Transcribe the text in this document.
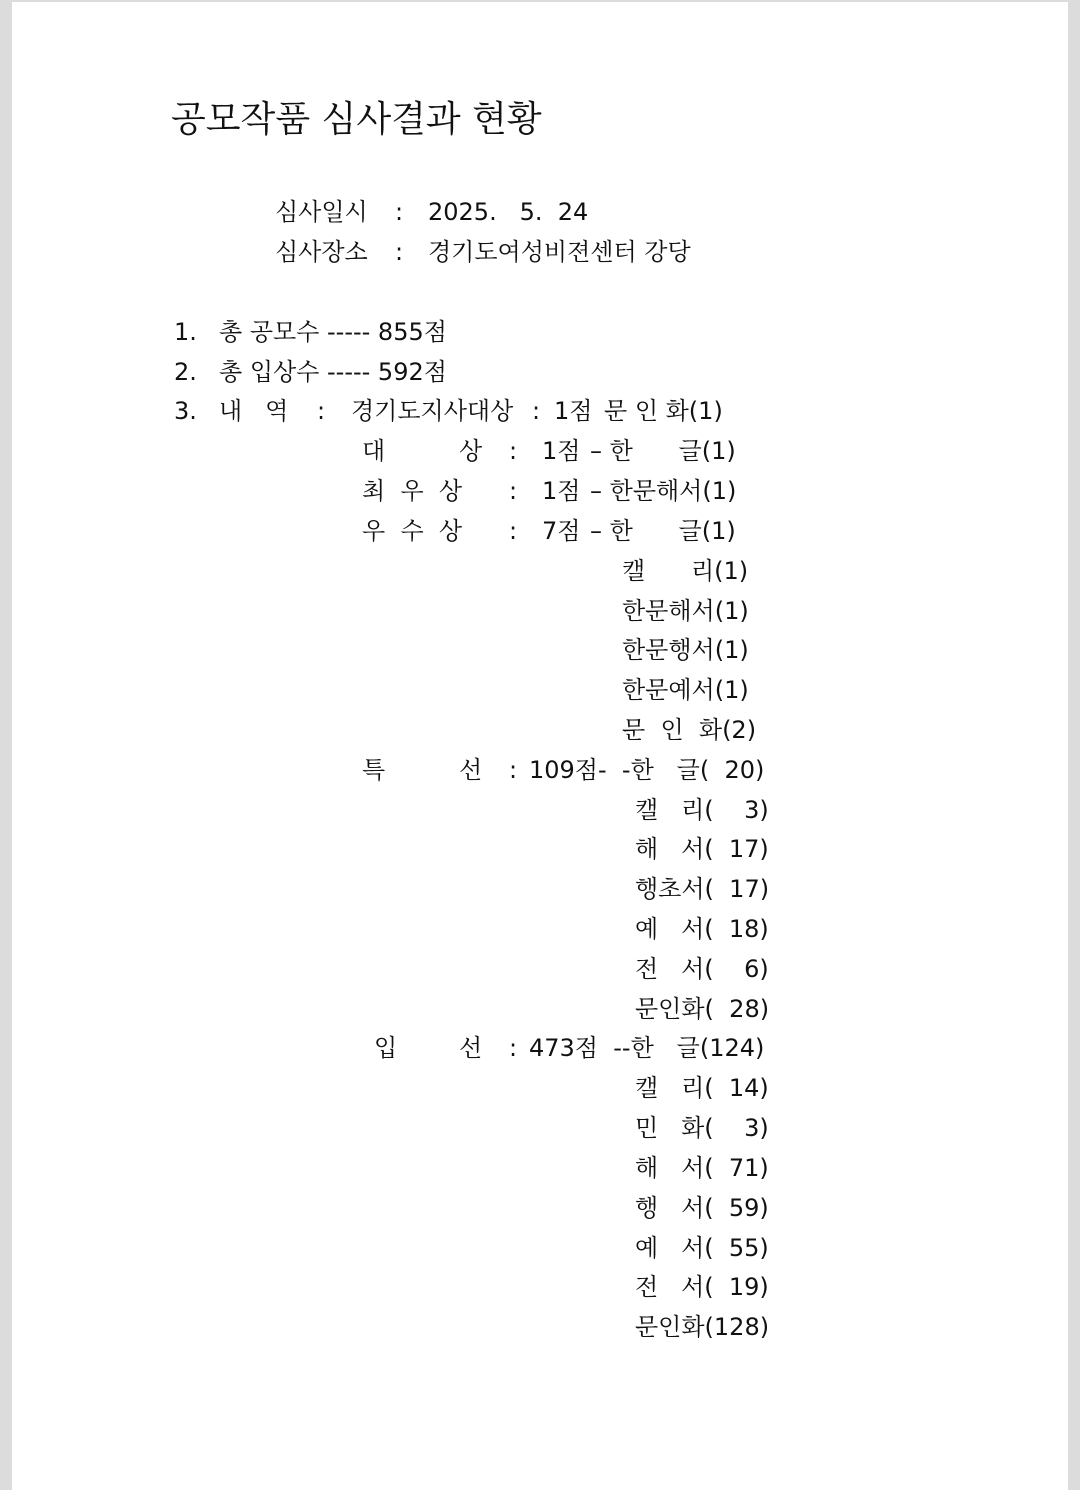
공모작품 심사결과 현황
심사일시 : 2025.   5.  24
심사장소 : 경기도여성비젼센터 강당
1. 총 공모수 ----- 855점
2. 총 입상수 ----- 592점
3. 내   역 : 경기도지사대상 : 1점 문 인 화(1)
대	상 : 1점 – 한      글(1)
최  우  상 : 1점 – 한문해서(1)
우  수  상 : 7점 – 한      글(1)
캘      리(1)
한문해서(1)
한문행서(1)
한문예서(1)
문  인  화(2)
특	선 : 109점-  -한   글(  20)
캘   리(    3)
해   서(  17)
행초서(  17)
예   서(  18)
전   서(    6)
문인화(  28)
입	선 : 473점  --한   글(124)
캘   리(  14)
민   화(    3)
해   서(  71)
행   서(  59)
예   서(  55)
전   서(  19)
문인화(128)
